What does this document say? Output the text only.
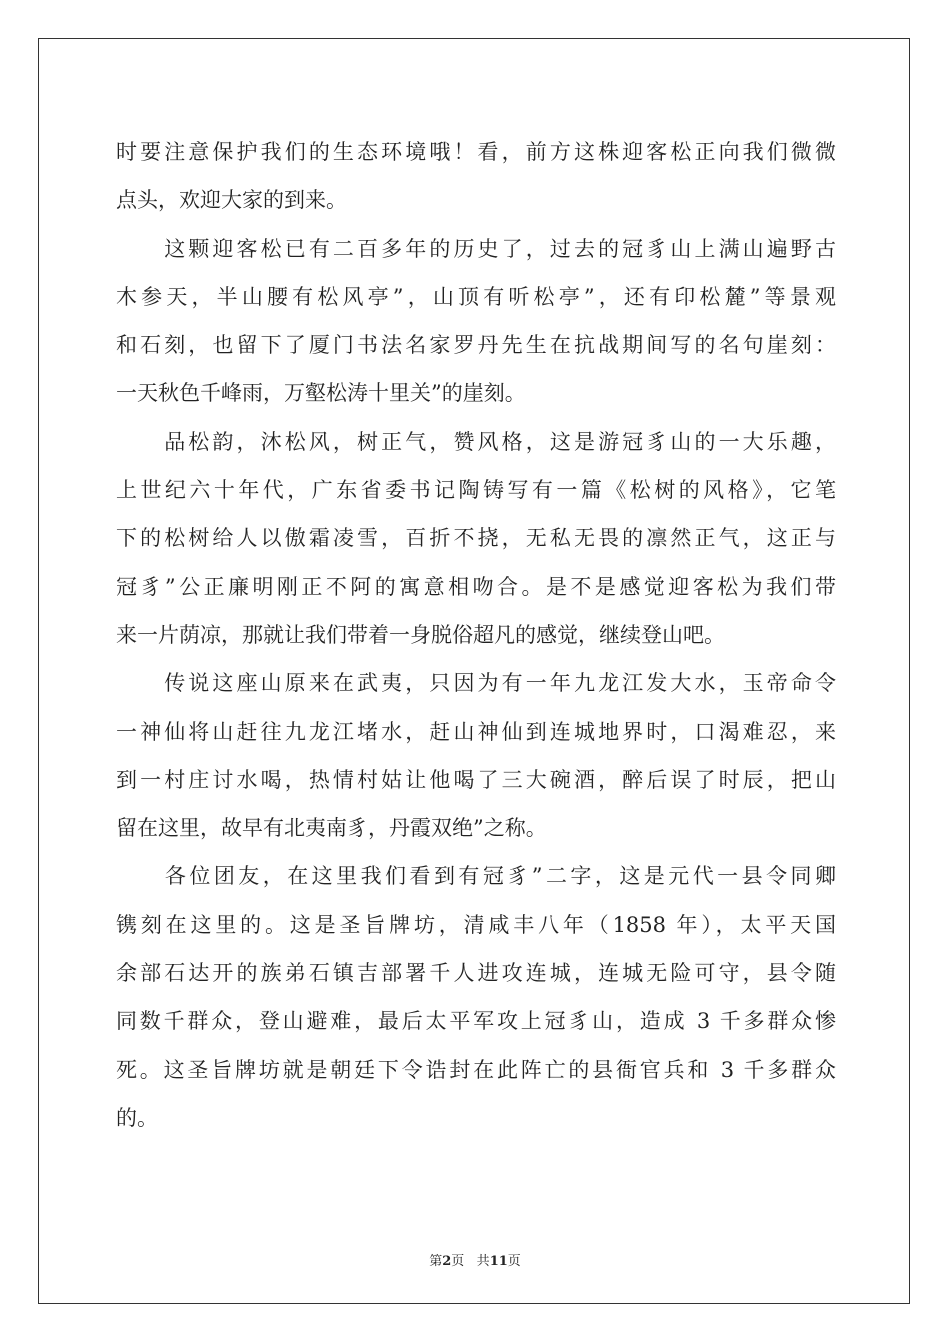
时要注意保护我们的生态环境哦！看，前方这株迎客松正向我们微微
点头，欢迎大家的到来。
　　这颗迎客松已有二百多年的历史了，过去的冠豸山上满山遍野古
木参天，半山腰有松风亭”，山顶有听松亭”，还有印松麓”等景观
和石刻，也留下了厦门书法名家罗丹先生在抗战期间写的名句崖刻：
一天秋色千峰雨，万壑松涛十里关”的崖刻。
　　品松韵，沐松风，树正气，赞风格，这是游冠豸山的一大乐趣，
上世纪六十年代，广东省委书记陶铸写有一篇《松树的风格》，它笔
下的松树给人以傲霜凌雪，百折不挠，无私无畏的凛然正气，这正与
冠豸”公正廉明刚正不阿的寓意相吻合。是不是感觉迎客松为我们带
来一片荫凉，那就让我们带着一身脱俗超凡的感觉，继续登山吧。
　　传说这座山原来在武夷，只因为有一年九龙江发大水，玉帝命令
一神仙将山赶往九龙江堵水，赶山神仙到连城地界时，口渴难忍，来
到一村庄讨水喝，热情村姑让他喝了三大碗酒，醉后误了时辰，把山
留在这里，故早有北夷南豸，丹霞双绝”之称。
　　各位团友，在这里我们看到有冠豸”二字，这是元代一县令同卿
镌刻在这里的。这是圣旨牌坊，清咸丰八年（1858 年），太平天国
余部石达开的族弟石镇吉部署千人进攻连城，连城无险可守，县令随
同数千群众，登山避难，最后太平军攻上冠豸山，造成 3 千多群众惨
死。这圣旨牌坊就是朝廷下令诰封在此阵亡的县衙官兵和 3 千多群众
的。
第2页 共11页
